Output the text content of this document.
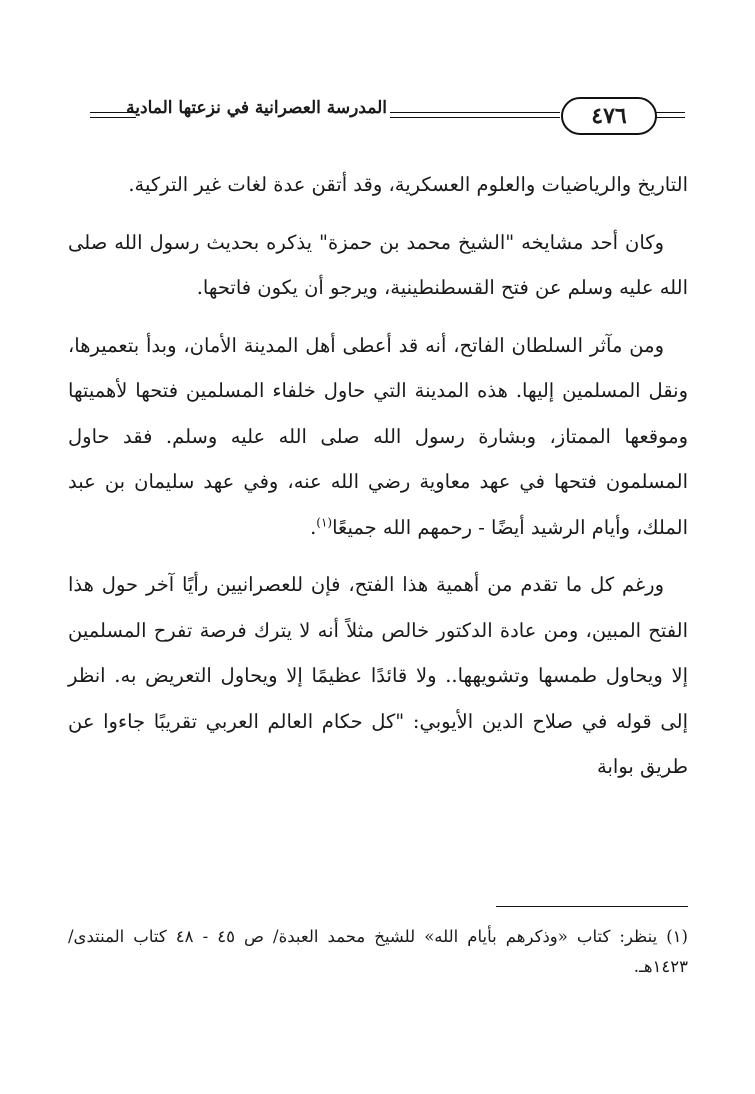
المدرسة العصرانية في نزعتها المادية	٤٧٦

التاريخ والرياضيات والعلوم العسكرية، وقد أتقن عدة لغات غير التركية.

وكان أحد مشايخه "الشيخ محمد بن حمزة" يذكره بحديث رسول الله صلى الله عليه وسلم عن فتح القسطنطينية، ويرجو أن يكون فاتحها.

ومن مآثر السلطان الفاتح، أنه قد أعطى أهل المدينة الأمان، وبدأ بتعميرها، ونقل المسلمين إليها. هذه المدينة التي حاول خلفاء المسلمين فتحها لأهميتها وموقعها الممتاز، وبشارة رسول الله صلى الله عليه وسلم. فقد حاول المسلمون فتحها في عهد معاوية رضي الله عنه، وفي عهد سليمان بن عبد الملك، وأيام الرشيد أيضًا - رحمهم الله جميعًا$^{(١)}$.

ورغم كل ما تقدم من أهمية هذا الفتح، فإن للعصرانيين رأيًا آخر حول هذا الفتح المبين، ومن عادة الدكتور خالص مثلاً أنه لا يترك فرصة تفرح المسلمين إلا ويحاول طمسها وتشويهها.. ولا قائدًا عظيمًا إلا ويحاول التعريض به. انظر إلى قوله في صلاح الدين الأيوبي: "كل حكام العالم العربي تقريبًا جاءوا عن طريق بوابة

(١) ينظر: كتاب «وذكرهم بأيام الله» للشيخ محمد العبدة/ ص ٤٥ - ٤٨ كتاب المنتدى/ ١٤٢٣هـ.
